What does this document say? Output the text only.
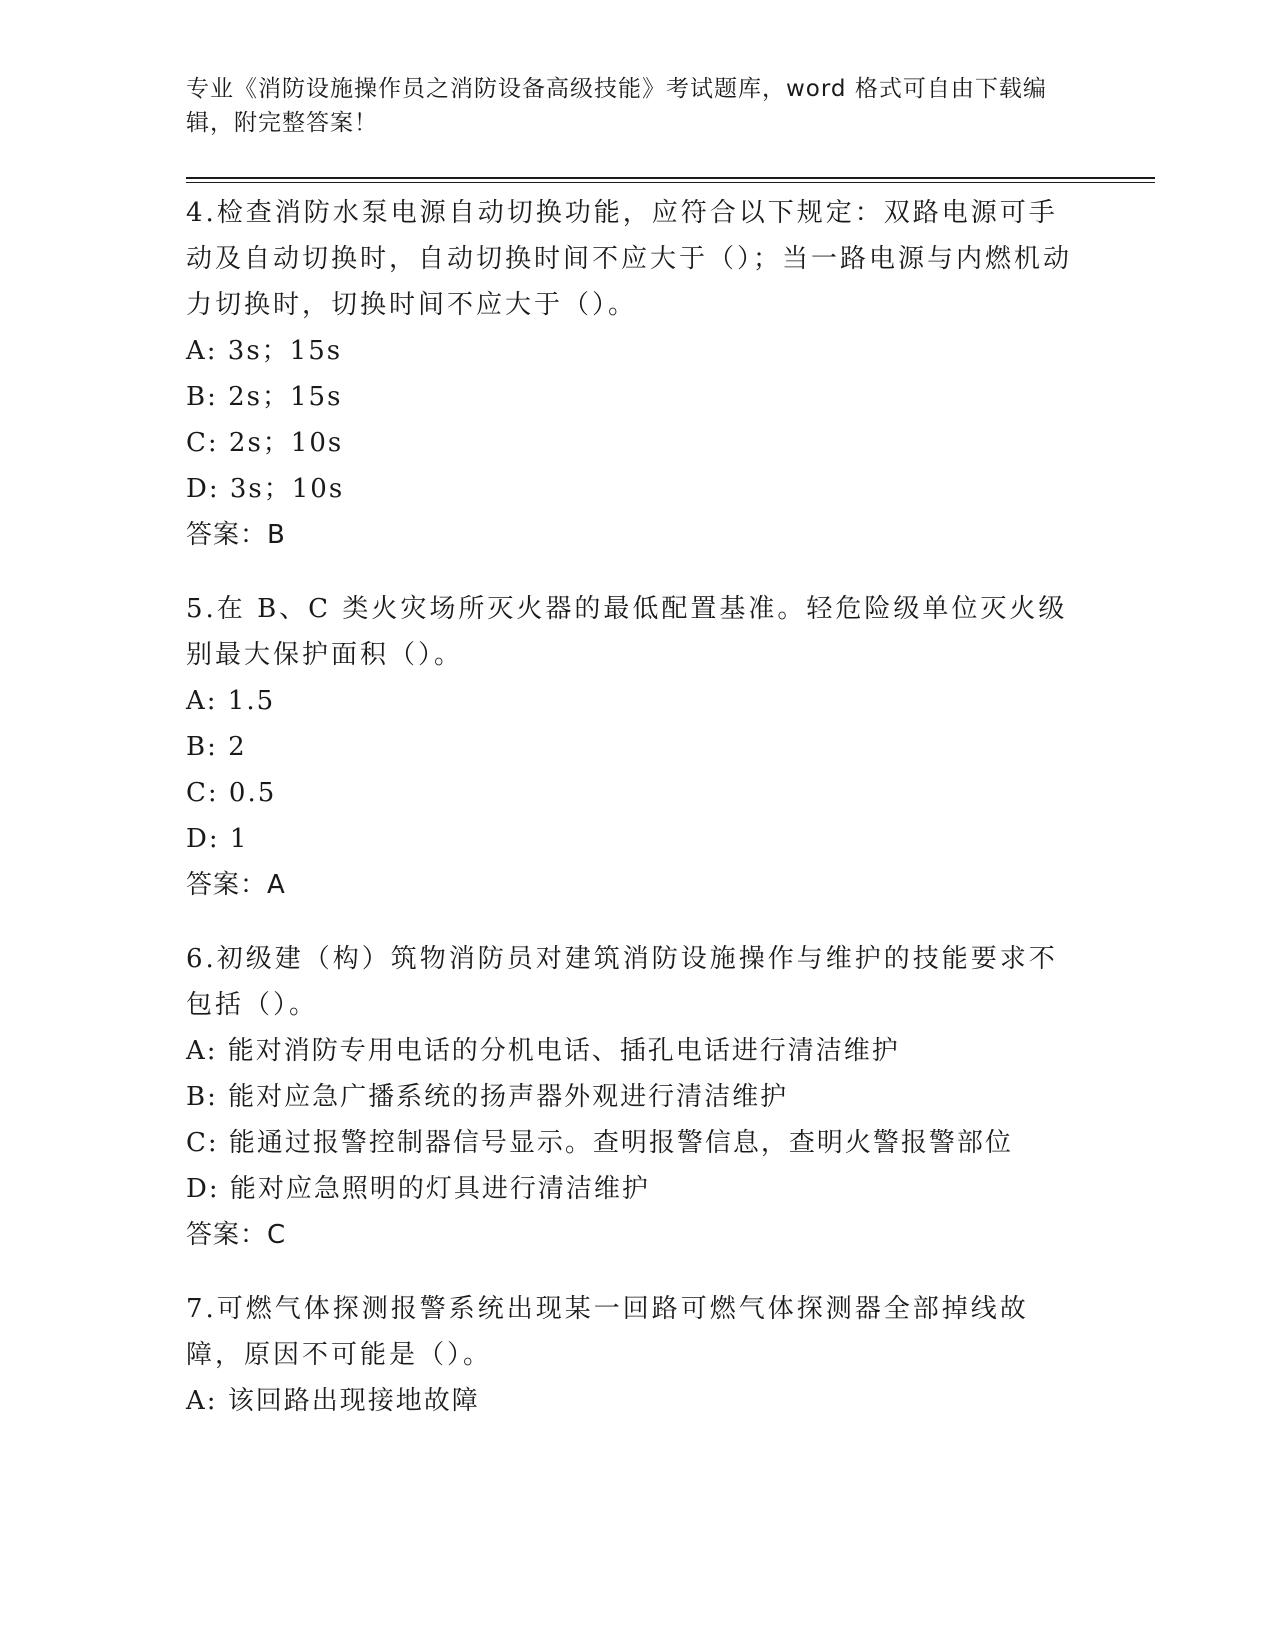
专业《消防设施操作员之消防设备高级技能》考试题库，word 格式可自由下载编辑，附完整答案！

4.检查消防水泵电源自动切换功能，应符合以下规定：双路电源可手动及自动切换时，自动切换时间不应大于（）；当一路电源与内燃机动力切换时，切换时间不应大于（）。

A: 3s；15s

B: 2s；15s

C: 2s；10s

D: 3s；10s

答案：B

5.在 B、C 类火灾场所灭火器的最低配置基准。轻危险级单位灭火级别最大保护面积（）。

A: 1.5

B: 2

C: 0.5

D: 1

答案：A

6.初级建（构）筑物消防员对建筑消防设施操作与维护的技能要求不包括（）。

A: 能对消防专用电话的分机电话、插孔电话进行清洁维护

B: 能对应急广播系统的扬声器外观进行清洁维护

C: 能通过报警控制器信号显示。查明报警信息，查明火警报警部位

D: 能对应急照明的灯具进行清洁维护

答案：C

7.可燃气体探测报警系统出现某一回路可燃气体探测器全部掉线故障，原因不可能是（）。

A: 该回路出现接地故障
